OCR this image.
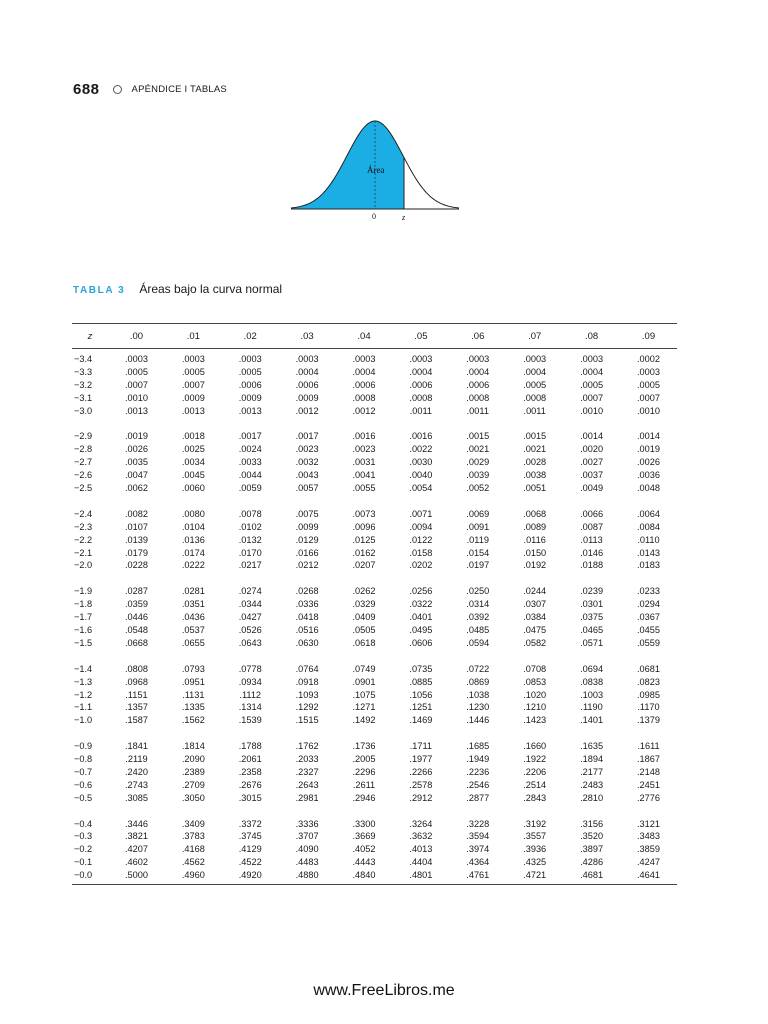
688	APÉNDICE I TABLAS
Área
0	z
TABLA 3 Áreas bajo la curva normal
z	.00	.01	.02	.03	.04	.05	.06	.07	.08	.09
−3.4	.0003	.0003	.0003	.0003	.0003	.0003	.0003	.0003	.0003	.0002
−3.3	.0005	.0005	.0005	.0004	.0004	.0004	.0004	.0004	.0004	.0003
−3.2	.0007	.0007	.0006	.0006	.0006	.0006	.0006	.0005	.0005	.0005
−3.1	.0010	.0009	.0009	.0009	.0008	.0008	.0008	.0008	.0007	.0007
−3.0	.0013	.0013	.0013	.0012	.0012	.0011	.0011	.0011	.0010	.0010

−2.9	.0019	.0018	.0017	.0017	.0016	.0016	.0015	.0015	.0014	.0014
−2.8	.0026	.0025	.0024	.0023	.0023	.0022	.0021	.0021	.0020	.0019
−2.7	.0035	.0034	.0033	.0032	.0031	.0030	.0029	.0028	.0027	.0026
−2.6	.0047	.0045	.0044	.0043	.0041	.0040	.0039	.0038	.0037	.0036
−2.5	.0062	.0060	.0059	.0057	.0055	.0054	.0052	.0051	.0049	.0048

−2.4	.0082	.0080	.0078	.0075	.0073	.0071	.0069	.0068	.0066	.0064
−2.3	.0107	.0104	.0102	.0099	.0096	.0094	.0091	.0089	.0087	.0084
−2.2	.0139	.0136	.0132	.0129	.0125	.0122	.0119	.0116	.0113	.0110
−2.1	.0179	.0174	.0170	.0166	.0162	.0158	.0154	.0150	.0146	.0143
−2.0	.0228	.0222	.0217	.0212	.0207	.0202	.0197	.0192	.0188	.0183

−1.9	.0287	.0281	.0274	.0268	.0262	.0256	.0250	.0244	.0239	.0233
−1.8	.0359	.0351	.0344	.0336	.0329	.0322	.0314	.0307	.0301	.0294
−1.7	.0446	.0436	.0427	.0418	.0409	.0401	.0392	.0384	.0375	.0367
−1.6	.0548	.0537	.0526	.0516	.0505	.0495	.0485	.0475	.0465	.0455
−1.5	.0668	.0655	.0643	.0630	.0618	.0606	.0594	.0582	.0571	.0559

−1.4	.0808	.0793	.0778	.0764	.0749	.0735	.0722	.0708	.0694	.0681
−1.3	.0968	.0951	.0934	.0918	.0901	.0885	.0869	.0853	.0838	.0823
−1.2	.1151	.1131	.1112	.1093	.1075	.1056	.1038	.1020	.1003	.0985
−1.1	.1357	.1335	.1314	.1292	.1271	.1251	.1230	.1210	.1190	.1170
−1.0	.1587	.1562	.1539	.1515	.1492	.1469	.1446	.1423	.1401	.1379

−0.9	.1841	.1814	.1788	.1762	.1736	.1711	.1685	.1660	.1635	.1611
−0.8	.2119	.2090	.2061	.2033	.2005	.1977	.1949	.1922	.1894	.1867
−0.7	.2420	.2389	.2358	.2327	.2296	.2266	.2236	.2206	.2177	.2148
−0.6	.2743	.2709	.2676	.2643	.2611	.2578	.2546	.2514	.2483	.2451
−0.5	.3085	.3050	.3015	.2981	.2946	.2912	.2877	.2843	.2810	.2776

−0.4	.3446	.3409	.3372	.3336	.3300	.3264	.3228	.3192	.3156	.3121
−0.3	.3821	.3783	.3745	.3707	.3669	.3632	.3594	.3557	.3520	.3483
−0.2	.4207	.4168	.4129	.4090	.4052	.4013	.3974	.3936	.3897	.3859
−0.1	.4602	.4562	.4522	.4483	.4443	.4404	.4364	.4325	.4286	.4247
−0.0	.5000	.4960	.4920	.4880	.4840	.4801	.4761	.4721	.4681	.4641
www.FreeLibros.me
